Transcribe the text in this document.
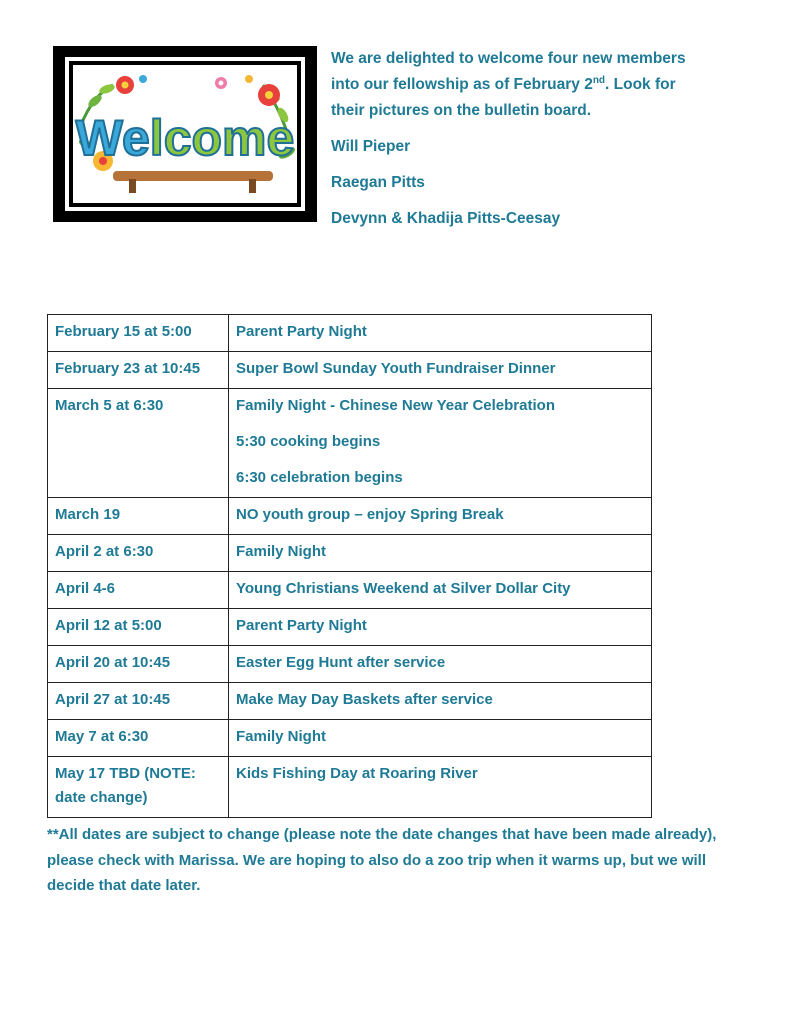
Welcome

We are delighted to welcome four new members

into our fellowship as of February 2nd. Look for

their pictures on the bulletin board.

Will Pieper

Raegan Pitts

Devynn & Khadija Pitts-Ceesay

February 15 at 5:00	Parent Party Night

February 23 at 10:45	Super Bowl Sunday Youth Fundraiser Dinner

March 5 at 6:30	Family Night - Chinese New Year Celebration

5:30 cooking begins

6:30 celebration begins

March 19	NO youth group – enjoy Spring Break

April 2 at 6:30	Family Night

April 4-6	Young Christians Weekend at Silver Dollar City

April 12 at 5:00	Parent Party Night

April 20 at 10:45	Easter Egg Hunt after service

April 27 at 10:45	Make May Day Baskets after service

May 7 at 6:30	Family Night

May 17 TBD (NOTE: date change)	Kids Fishing Day at Roaring River

**All dates are subject to change (please note the date changes that have been made already), please check with Marissa. We are hoping to also do a zoo trip when it warms up, but we will decide that date later.
